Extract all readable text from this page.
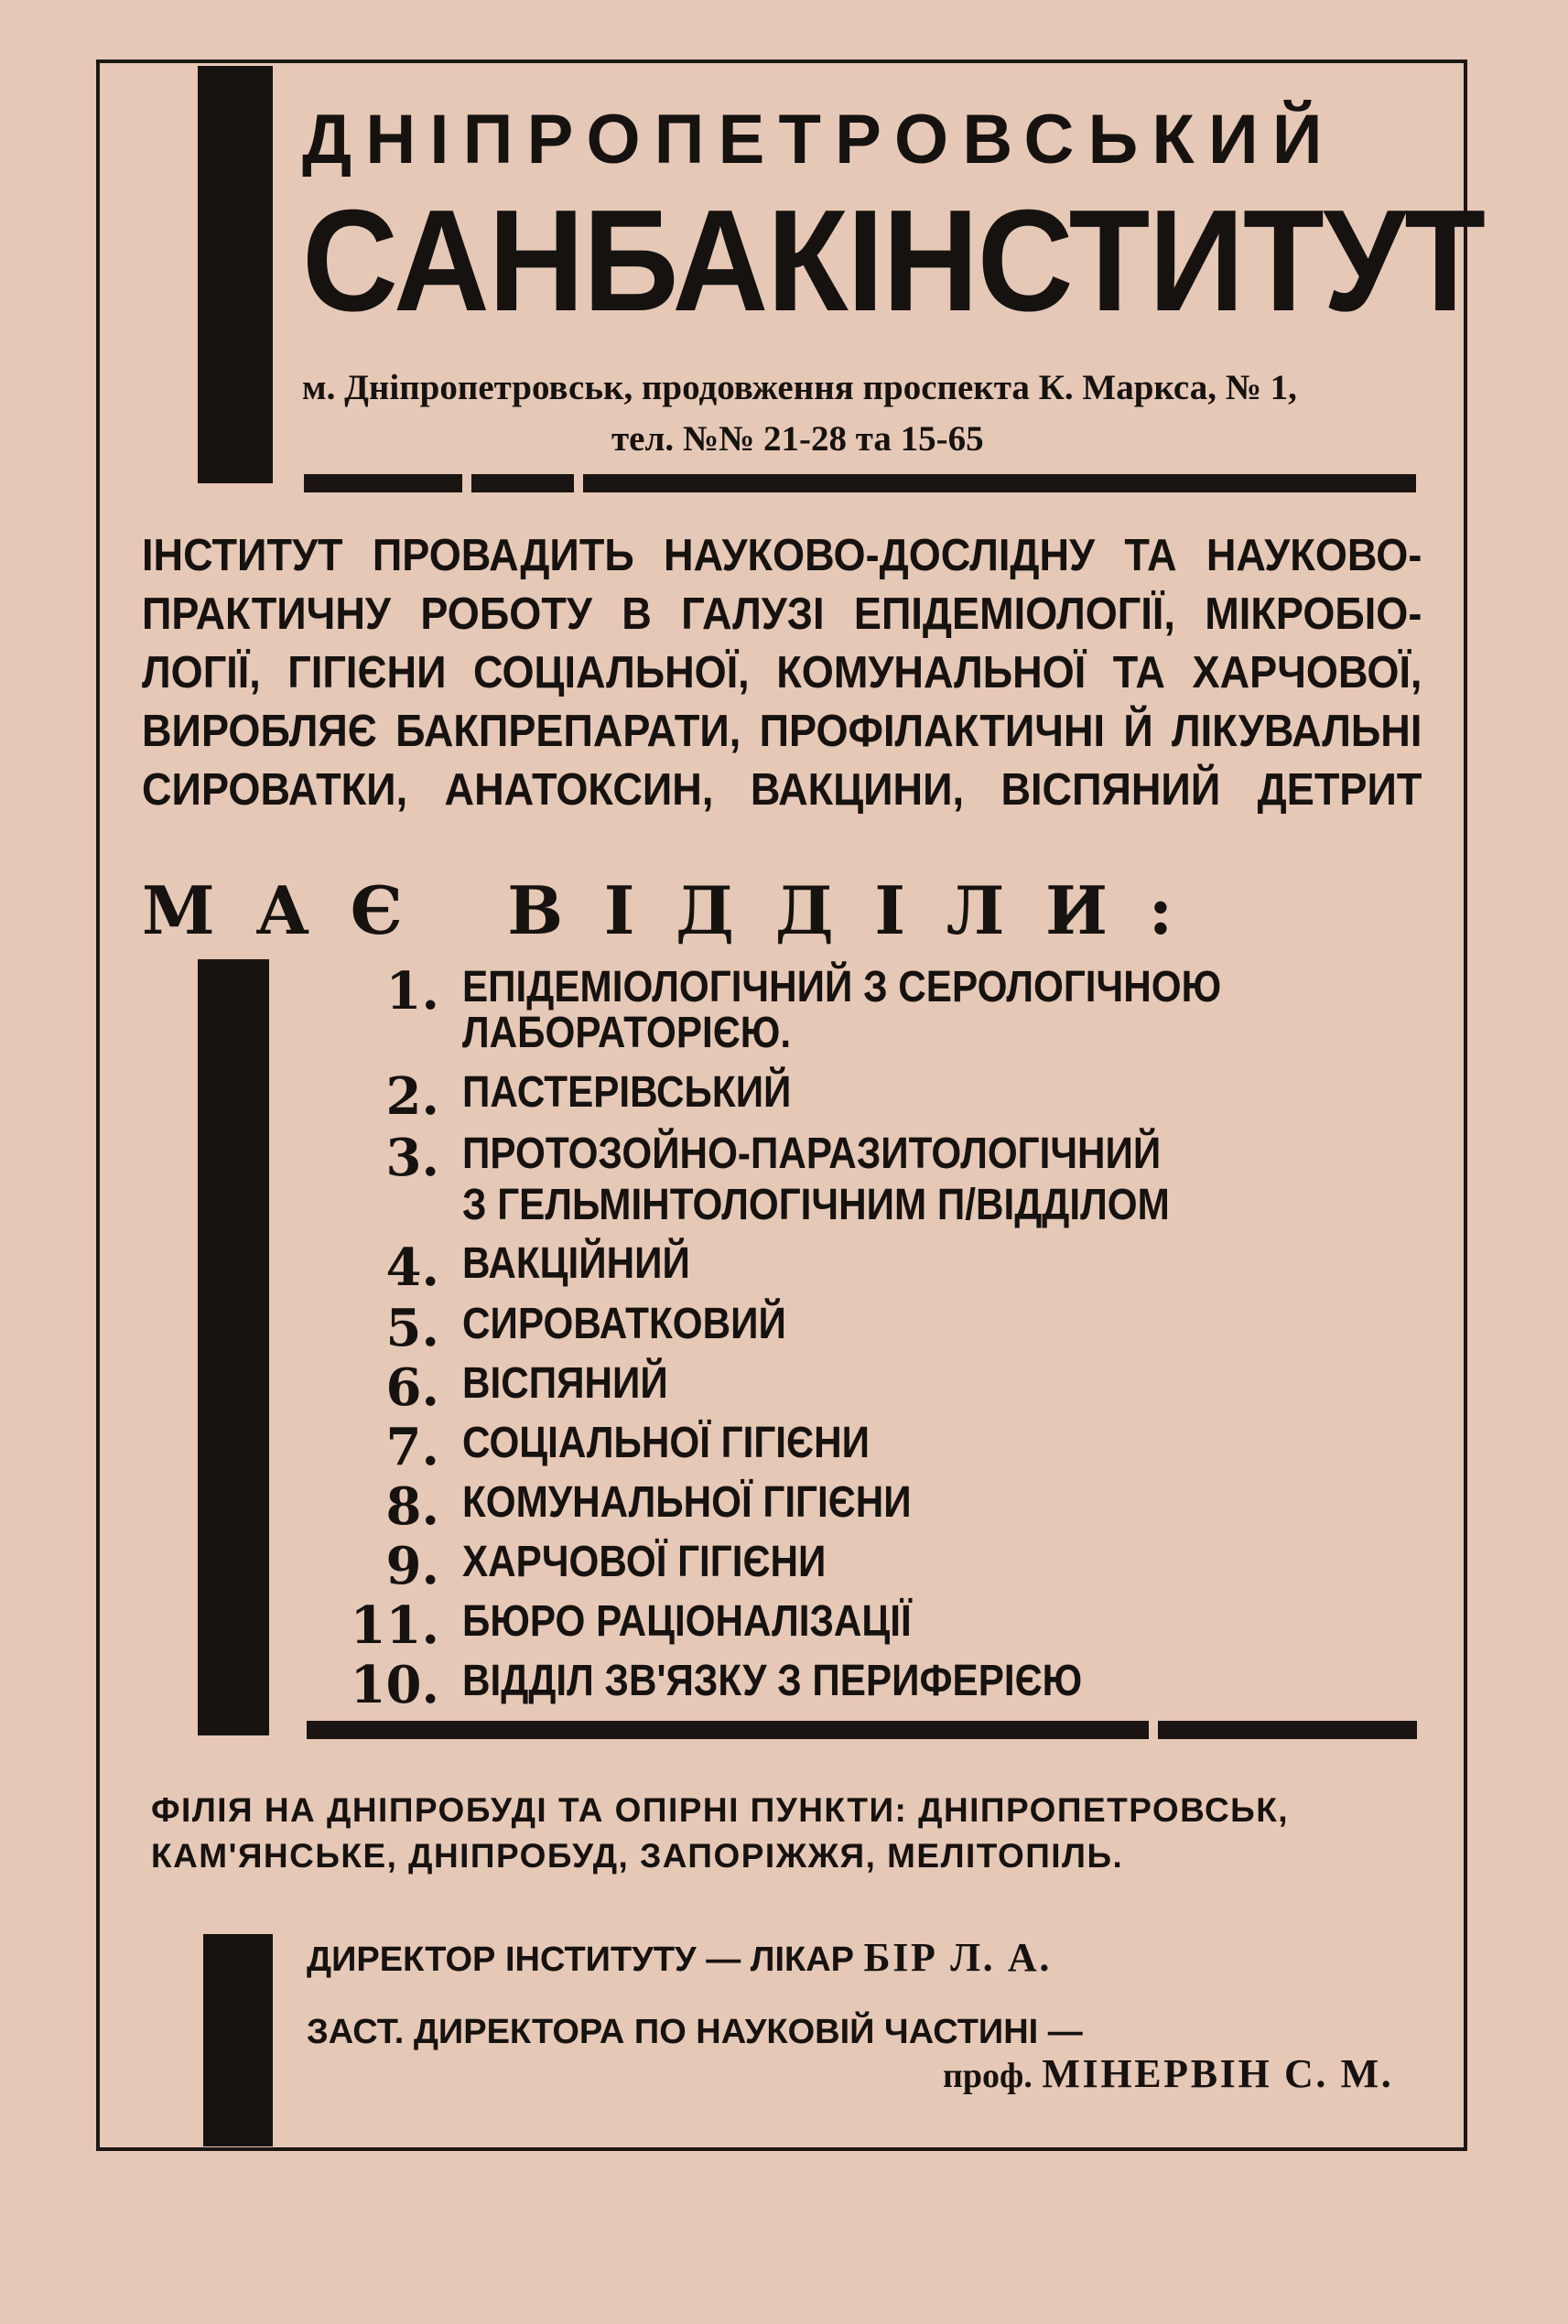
ДНІПРОПЕТРОВСЬКИЙ
САНБАКІНСТИТУТ
м. Дніпропетровськ, продовження проспекта К. Маркса, № 1,
тел. №№ 21-28 та 15-65
ІНСТИТУТ ПРОВАДИТЬ НАУКОВО-ДОСЛІДНУ ТА НАУКОВО-
ПРАКТИЧНУ РОБОТУ В ГАЛУЗІ ЕПІДЕМІОЛОГІЇ, МІКРОБІО-
ЛОГІЇ, ГІГІЄНИ СОЦІАЛЬНОЇ, КОМУНАЛЬНОЇ ТА ХАРЧОВОЇ,
ВИРОБЛЯЄ БАКПРЕПАРАТИ, ПРОФІЛАКТИЧНІ Й ЛІКУВАЛЬНІ
СИРОВАТКИ, АНАТОКСИН, ВАКЦИНИ, ВІСПЯНИЙ ДЕТРИТ
МАЄ ВІДДІЛИ:
1. ЕПІДЕМІОЛОГІЧНИЙ З СЕРОЛОГІЧНОЮ
ЛАБОРАТОРІЄЮ.
2. ПАСТЕРІВСЬКИЙ
3. ПРОТОЗОЙНО-ПАРАЗИТОЛОГІЧНИЙ
З ГЕЛЬМІНТОЛОГІЧНИМ П/ВІДДІЛОМ
4. ВАКЦІЙНИЙ
5. СИРОВАТКОВИЙ
6. ВІСПЯНИЙ
7. СОЦІАЛЬНОЇ ГІГІЄНИ
8. КОМУНАЛЬНОЇ ГІГІЄНИ
9. ХАРЧОВОЇ ГІГІЄНИ
11. БЮРО РАЦІОНАЛІЗАЦІЇ
10. ВІДДІЛ ЗВ'ЯЗКУ З ПЕРИФЕРІЄЮ
ФІЛІЯ НА ДНІПРОБУДІ ТА ОПІРНІ ПУНКТИ: ДНІПРОПЕТРОВСЬК,
КАМ'ЯНСЬКЕ, ДНІПРОБУД, ЗАПОРІЖЖЯ, МЕЛІТОПІЛЬ.
ДИРЕКТОР ІНСТИТУТУ — ЛІКАР БІР Л. А.
ЗАСТ. ДИРЕКТОРА ПО НАУКОВІЙ ЧАСТИНІ —
проф. МІНЕРВІН С. М.
